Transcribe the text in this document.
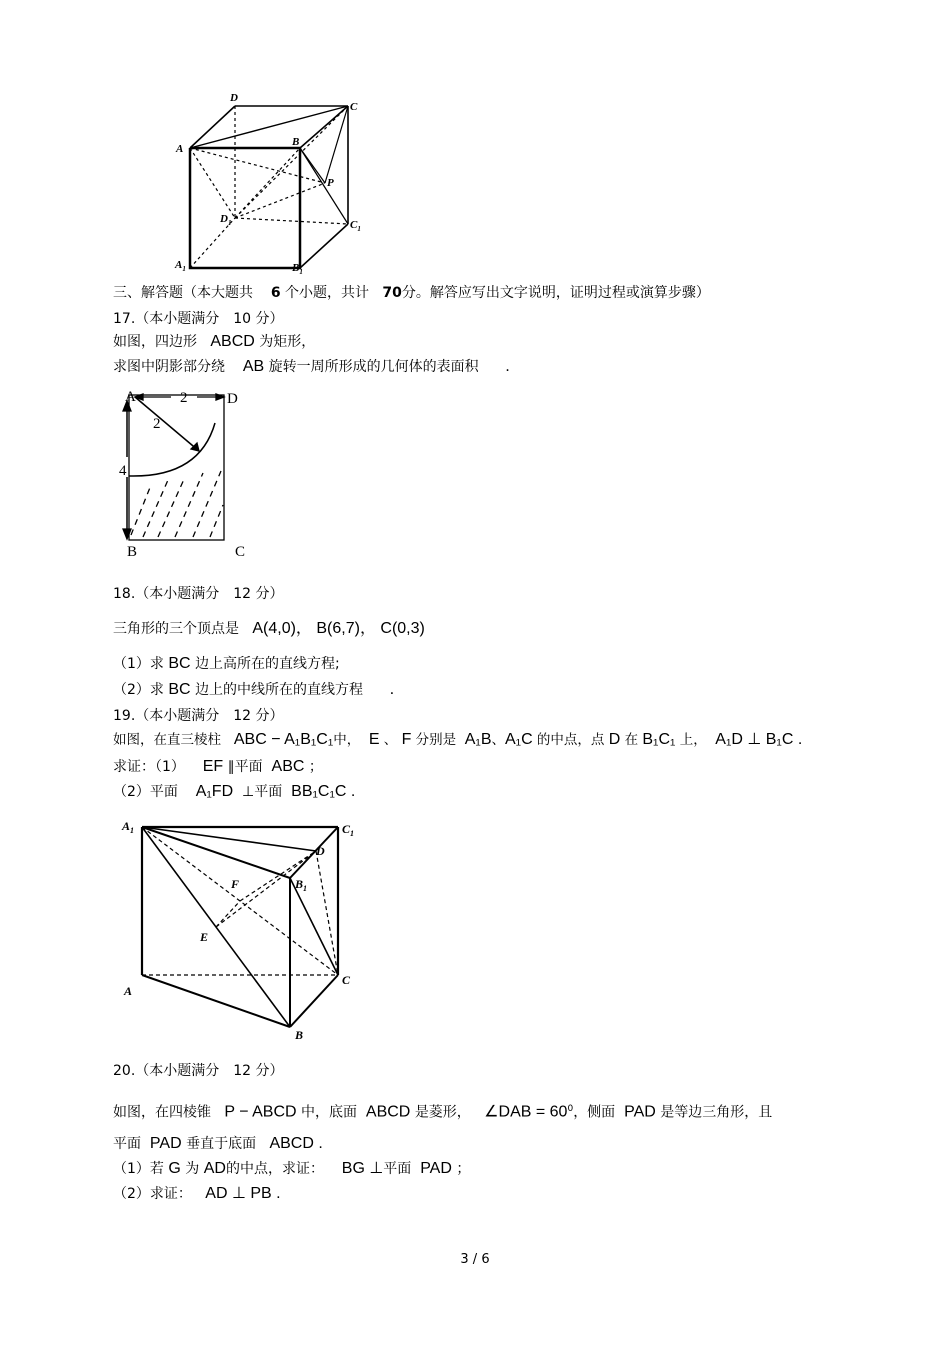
D
C
A
B
P
$D_1$	$C_1$
$A_1$	$B_1$
三、解答题（本大题共 6 个小题，共计 70分。解答应写出文字说明，证明过程或演算步骤）
17.（本小题满分　10 分）
如图，四边形 ABCD 为矩形，
求图中阴影部分绕 AB 旋转一周所形成的几何体的表面积 ．
A	D
B	C
2
2
4
18.（本小题满分　12 分）
三角形的三个顶点是 A(4,0)， B(6,7)， C(0,3)
（1）求 BC 边上高所在的直线方程;
（2）求 BC 边上的中线所在的直线方程 ．
19.（本小题满分　12 分）
如图，在直三棱柱 ABC − A₁B₁C₁中， E 、 F 分别是 A₁B、A₁C 的中点，点 D 在 B₁C₁ 上， A₁D ⊥ B₁C .
求证：（1） EF ∥平面 ABC ；
（2）平面 A₁FD ⊥平面 BB₁C₁C .
$A_1$	$C_1$
D
F	$B_1$
E
A
C
B
20.（本小题满分　12 分）
如图，在四棱锥 P − ABCD 中，底面 ABCD 是菱形， ∠DAB = $60^0$，侧面 PAD 是等边三角形，且
平面 PAD 垂直于底面 ABCD .
（1）若 G 为 AD的中点，求证： BG ⊥平面 PAD ；
（2）求证： AD ⊥ PB .
3 / 6
